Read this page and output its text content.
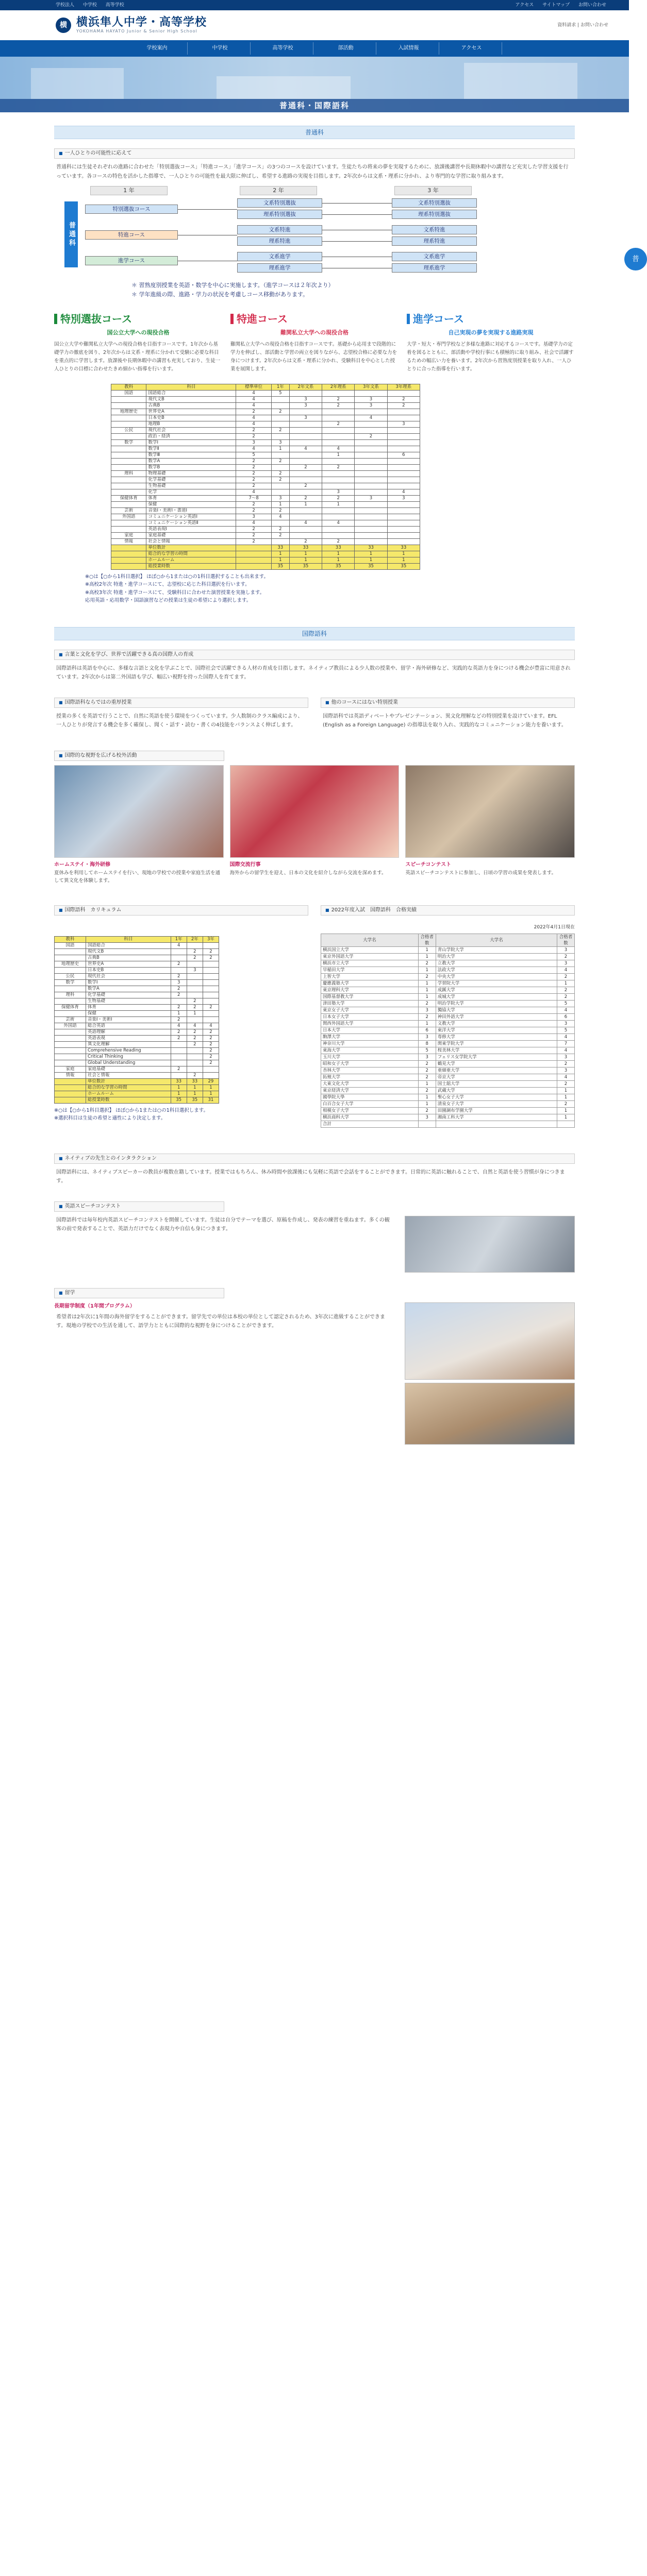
学校法人 中学校 高等学校	アクセス サイトマップ お問い合わせ
横 横浜隼人中学・高等学校
YOKOHAMA HAYATO Junior & Senior High School
資料請求 | お問い合わせ
学校案内	中学校	高等学校	部活動	入試情報	アクセス
普通科・国際語科
普通科
■ 一人ひとりの可能性に応えて

普通科には生徒それぞれの進路に合わせた「特別選抜コース」「特進コース」「進学コース」の3つのコースを設けています。生徒たちの将来の夢を実現するために、放課後講習や長期休暇中の講習など充実した学習支援を行っています。各コースの特色を活かした指導で、一人ひとりの可能性を最大限に伸ばし、希望する進路の実現を目指します。2年次からは文系・理系に分かれ、より専門的な学習に取り組みます。

1 年	2 年	3 年
普通科
特別選抜コース
特進コース
進学コース
文系特別選抜
理系特別選抜
文系特進
理系特進
文系進学
理系進学
文系特別選抜
理系特別選抜
文系特進
理系特進
文系進学
理系進学
＊ 習熟度別授業を英語・数学を中心に実施します。（進学コースは２年次より）
＊ 学年進級の際、進路・学力の状況を考慮しコース移動があります。
普
特別選抜コース
国公立大学への現役合格
国公立大学や難関私立大学への現役合格を目指すコースです。1年次から基礎学力の徹底を図り、2年次からは文系・理系に分かれて受験に必要な科目を重点的に学習します。放課後や長期休暇中の講習も充実しており、生徒一人ひとりの目標に合わせたきめ細かい指導を行います。
特進コース
難関私立大学への現役合格
難関私立大学への現役合格を目指すコースです。基礎から応用まで段階的に学力を伸ばし、部活動と学習の両立を図りながら、志望校合格に必要な力を身につけます。2年次からは文系・理系に分かれ、受験科目を中心とした授業を展開します。
進学コース
自己実現の夢を実現する進路実現
大学・短大・専門学校など多様な進路に対応するコースです。基礎学力の定着を図るとともに、部活動や学校行事にも積極的に取り組み、社会で活躍するための幅広い力を養います。2年次から習熟度別授業を取り入れ、一人ひとりに合った指導を行います。
教科	科目	標準単位	1年	2年文系	2年理系	3年文系	3年理系
国語	国語総合	4	5				
	現代文B	4		3	2	3	2
	古典B	4		3	2	3	2
地理歴史	世界史A	2	2				
	日本史B	4		3		4	
	地理B	4			2		3
公民	現代社会	2	2				
	政治・経済	2				2	
数学	数学Ⅰ	3	3				
	数学Ⅱ	4	1	4	4		
	数学Ⅲ	5			1		6
	数学A	2	2				
	数学B	2		2	2		
理科	物理基礎	2	2				
	化学基礎	2	2				
	生物基礎	2		2			
	化学	4			3		4
保健体育	体育	7〜8	3	2	2	3	3
	保健	2	1	1	1		
芸術	音楽Ⅰ・美術Ⅰ・書道Ⅰ	2	2				
外国語	コミュニケーション英語Ⅰ	3	4				
	コミュニケーション英語Ⅱ	4		4	4		
	英語表現Ⅰ	2	2				
家庭	家庭基礎	2	2				
情報	社会と情報	2		2	2		
	単位数計		33	33	33	33	33
	総合的な学習の時間		1	1	1	1	1
	ホームルーム		1	1	1	1	1
	総授業時数		35	35	35	35	35
※○は【○から1科目選択】 ほぼ○から1または○の1科目選択することも出来ます。
※高校2年次 特進・進学コースにて、志望校に応じた科目選択を行います。
※高校3年次 特進・進学コースにて、受験科目に合わせた演習授業を実施します。
応用英語・応用数学・国語演習などの授業は生徒の希望により選択します。
国際語科
■ 言葉と文化を学び、世界で活躍できる真の国際人の育成

国際語科は英語を中心に、多様な言語と文化を学ぶことで、国際社会で活躍できる人材の育成を目指します。ネイティブ教員による少人数の授業や、留学・海外研修など、実践的な英語力を身につける機会が豊富に用意されています。2年次からは第二外国語も学び、幅広い視野を持った国際人を育てます。

■ 国際語科ならではの重厚授業

授業の多くを英語で行うことで、自然に英語を使う環境をつくっています。少人数制のクラス編成により、一人ひとりが発言する機会を多く確保し、聞く・話す・読む・書くの4技能をバランスよく伸ばします。

■ 他のコースにはない特別授業

国際語科では英語ディベートやプレゼンテーション、異文化理解などの特別授業を設けています。EFL (English as a Foreign Language) の指導法を取り入れ、実践的なコミュニケーション能力を養います。

■ 国際的な視野を広げる校外活動
ホームステイ・海外研修
夏休みを利用してホームステイを行い、現地の学校での授業や家庭生活を通して異文化を体験します。
国際交流行事
海外からの留学生を迎え、日本の文化を紹介しながら交流を深めます。
スピーチコンテスト
英語スピーチコンテストに参加し、日頃の学習の成果を発表します。
■ 国際語科　カリキュラム
教科	科目	1年	2年	3年
国語	国語総合	4		
	現代文B		2	2
	古典B		2	2
地理歴史	世界史A	2		
	日本史B		3	
公民	現代社会	2		
数学	数学Ⅰ	3		
	数学A	2		
理科	化学基礎	2		
	生物基礎		2	
保健体育	体育	2	2	2
	保健	1	1	
芸術	音楽Ⅰ・美術Ⅰ	2		
外国語	総合英語	4	4	4
	英語理解	2	2	2
	英語表現	2	2	2
	異文化理解		2	2
	Comprehensive Reading			2
	Critical Thinking			2
	Global Understanding			2
家庭	家庭基礎	2		
情報	社会と情報		2	
	単位数計	33	33	29
	総合的な学習の時間	1	1	1
	ホームルーム	1	1	1
	総授業時数	35	35	31
※○は【○から1科目選択】 ほぼ○から1または○の1科目選択します。
※選択科目は生徒の希望と適性により決定します。
■ 2022年度入試　国際語科　合格実績
2022年4月1日現在
大学名	合格者数	大学名	合格者数
横浜国立大学	1	青山学院大学	3
東京外国語大学	1	明治大学	2
横浜市立大学	2	立教大学	3
早稲田大学	1	法政大学	4
上智大学	2	中央大学	2
慶應義塾大学	1	学習院大学	1
東京理科大学	1	成蹊大学	2
国際基督教大学	1	成城大学	2
津田塾大学	2	明治学院大学	5
東京女子大学	3	獨協大学	4
日本女子大学	2	神田外語大学	6
関西外国語大学	1	文教大学	3
日本大学	6	東洋大学	5
駒澤大学	3	専修大学	4
神奈川大学	8	関東学院大学	7
東海大学	5	桜美林大学	4
玉川大学	3	フェリス女学院大学	3
昭和女子大学	2	鶴見大学	2
杏林大学	2	亜細亜大学	3
拓殖大学	2	帝京大学	4
大東文化大学	1	国士舘大学	2
東京経済大学	2	武蔵大学	1
國學院大學	1	聖心女子大学	1
白百合女子大学	1	清泉女子大学	2
相模女子大学	2	田園調布学園大学	1
横浜商科大学	3	湘南工科大学	1
合計			
■ ネイティブの先生とのインタラクション

国際語科には、ネイティブスピーカーの教員が複数在籍しています。授業ではもちろん、休み時間や放課後にも気軽に英語で会話をすることができます。日常的に英語に触れることで、自然と英語を使う習慣が身につきます。

■ 英語スピーチコンテスト

国際語科では毎年校内英語スピーチコンテストを開催しています。生徒は自分でテーマを選び、原稿を作成し、発表の練習を重ねます。多くの観客の前で発表することで、英語力だけでなく表現力や自信も身につきます。

■ 留学
長期留学制度（1年間プログラム）

希望者は2年次に1年間の海外留学をすることができます。留学先での単位は本校の単位として認定されるため、3年次に進級することができます。現地の学校での生活を通して、語学力とともに国際的な視野を身につけることができます。
